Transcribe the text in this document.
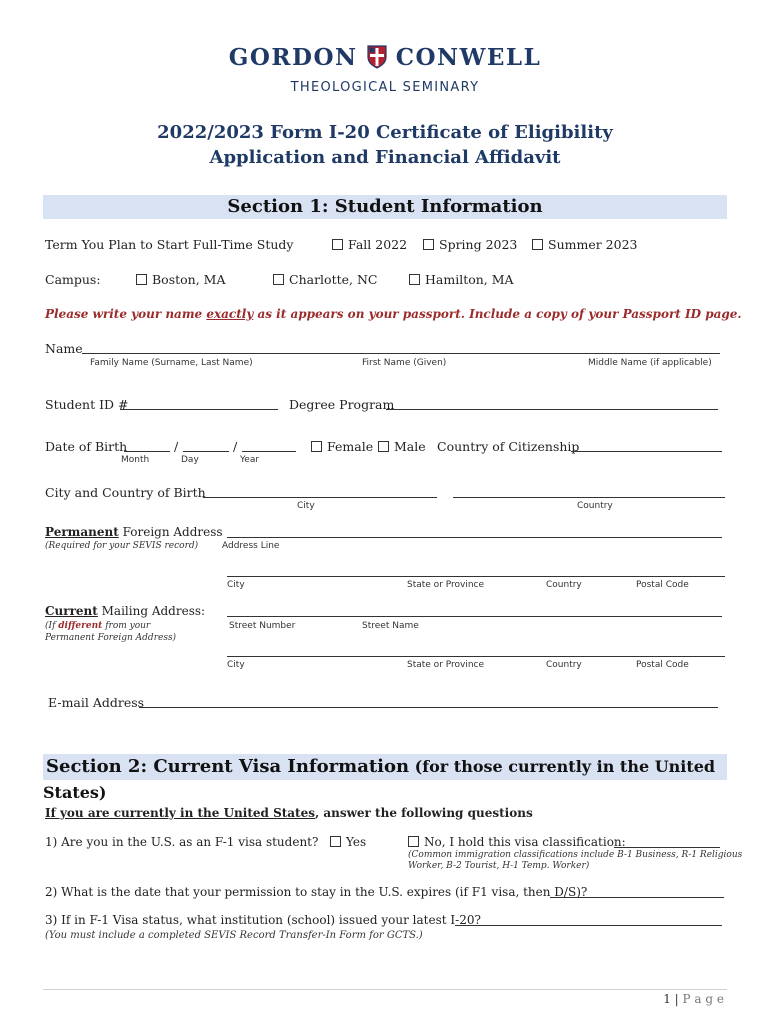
GORDON CONWELL
THEOLOGICAL SEMINARY
2022/2023 Form I-20 Certificate of Eligibility
Application and Financial Affidavit
Section 1: Student Information
Term You Plan to Start Full-Time Study	Fall 2022	Spring 2023	Summer 2023
Campus:	Boston, MA	Charlotte, NC	Hamilton, MA
Please write your name exactly as it appears on your passport. Include a copy of your Passport ID page.
Name
Family Name (Surname, Last Name)	First Name (Given)	Middle Name (if applicable)
Student ID #	Degree Program
Date of Birth	/	/
Month	Day	Year
Female	Male Country of Citizenship
City and Country of Birth
City	Country
Permanent Foreign Address
(Required for your SEVIS record)	Address Line
City	State or Province	Country	Postal Code
Current Mailing Address:
(If different from your
Permanent Foreign Address)
Street Number	Street Name
City	State or Province	Country	Postal Code
E-mail Address
Section 2: Current Visa Information (for those currently in the United States)
If you are currently in the United States, answer the following questions
1) Are you in the U.S. as an F-1 visa student?	Yes	No, I hold this visa classification:
(Common immigration classifications include B-1 Business, R-1 Religious
Worker, B-2 Tourist, H-1 Temp. Worker)
2) What is the date that your permission to stay in the U.S. expires (if F1 visa, then D/S)?
3) If in F-1 Visa status, what institution (school) issued your latest I-20?
(You must include a completed SEVIS Record Transfer-In Form for GCTS.)
1 | P a g e
